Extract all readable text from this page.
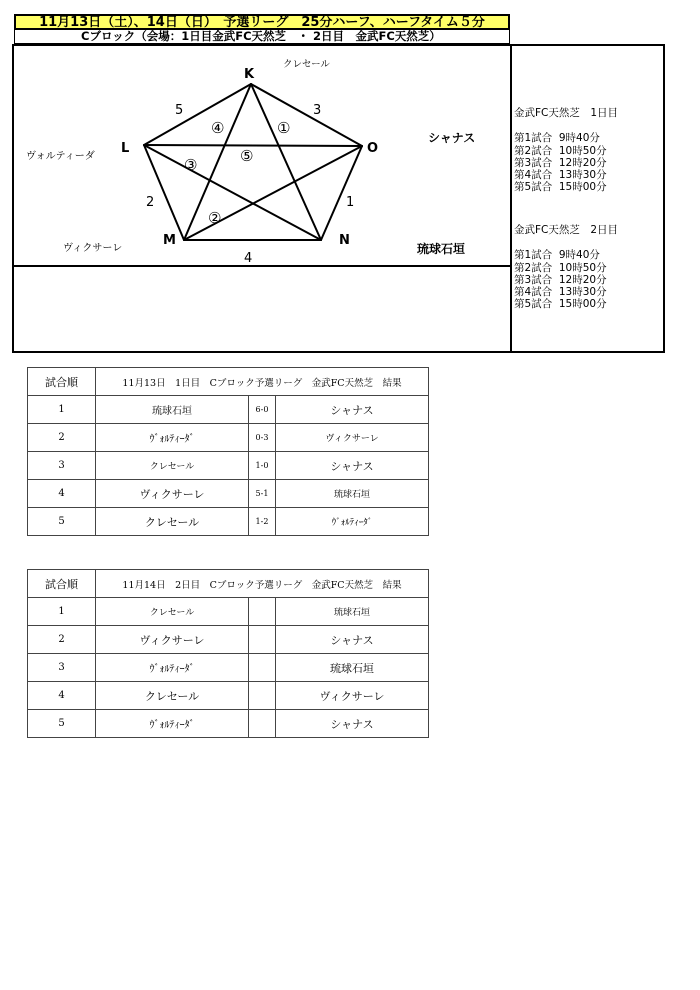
11月13日（土）、14日（日）　予選リーグ　25分ハーフ、ハーフタイム５分
Cブロック（会場：1日目金武FC天然芝　・ 2日目　金武FC天然芝）
K
L	O
M	N
5	3
2	1
4
①
②
③
④
⑤
クレセール
ヴォルティーダ
シャナス
ヴィクサーレ	琉球石垣
金武FC天然芝　1日目
第1試合 9時40分
第2試合 10時50分
第3試合 12時20分
第4試合 13時30分
第5試合 15時00分
金武FC天然芝　2日目
第1試合 9時40分
第2試合 10時50分
第3試合 12時20分
第4試合 13時30分
第5試合 15時00分
試合順	11月13日　1日目　Cブロック予選リーグ　金武FC天然芝　結果		
1	琉球石垣	6-0	シャナス
2	ｳﾞｫﾙﾃｨｰﾀﾞ	0-3	ヴィクサーレ
3	クレセール	1-0	シャナス
4	ヴィクサーレ	5-1	琉球石垣
5	クレセール	1-2	ｳﾞｫﾙﾃｨｰﾀﾞ
試合順	11月14日　2日目　Cブロック予選リーグ　金武FC天然芝　結果		
1	クレセール		琉球石垣
2	ヴィクサーレ		シャナス
3	ｳﾞｫﾙﾃｨｰﾀﾞ		琉球石垣
4	クレセール		ヴィクサーレ
5	ｳﾞｫﾙﾃｨｰﾀﾞ		シャナス
